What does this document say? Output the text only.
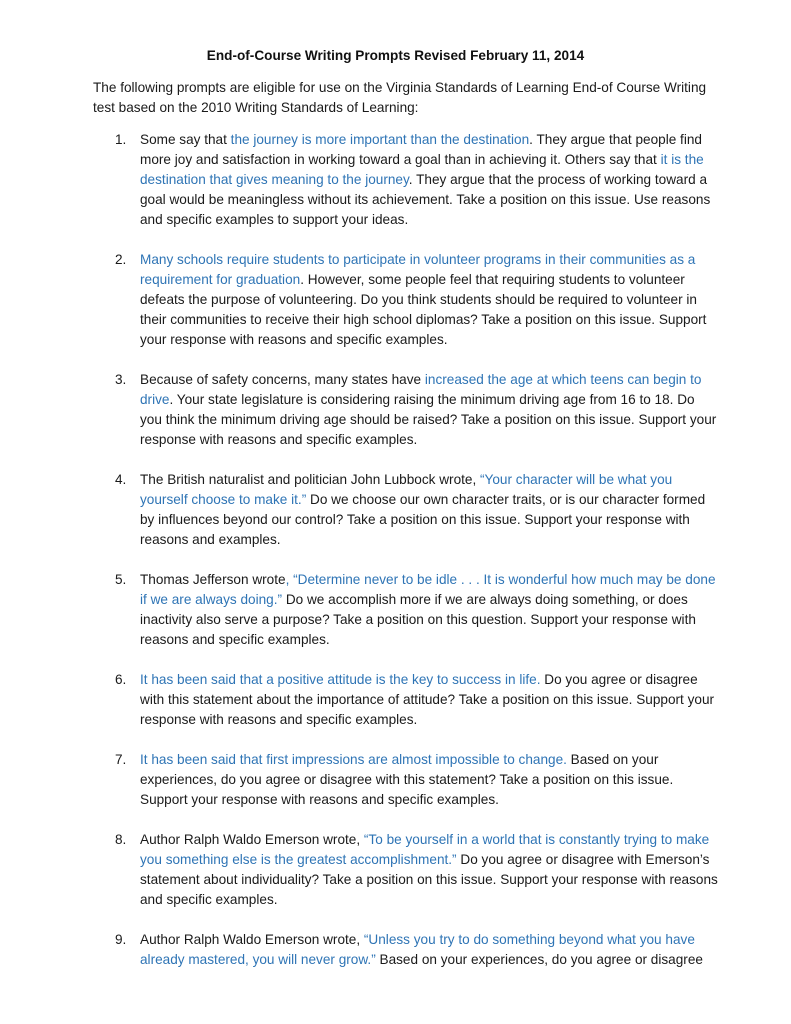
End-of-Course Writing Prompts Revised February 11, 2014
The following prompts are eligible for use on the Virginia Standards of Learning End-of Course Writing test based on the 2010 Writing Standards of Learning:
1.	Some say that the journey is more important than the destination. They argue that people find more joy and satisfaction in working toward a goal than in achieving it. Others say that it is the destination that gives meaning to the journey. They argue that the process of working toward a goal would be meaningless without its achievement. Take a position on this issue. Use reasons and specific examples to support your ideas.
2.	Many schools require students to participate in volunteer programs in their communities as a requirement for graduation. However, some people feel that requiring students to volunteer defeats the purpose of volunteering. Do you think students should be required to volunteer in their communities to receive their high school diplomas? Take a position on this issue. Support your response with reasons and specific examples.
3.	Because of safety concerns, many states have increased the age at which teens can begin to drive. Your state legislature is considering raising the minimum driving age from 16 to 18. Do you think the minimum driving age should be raised? Take a position on this issue. Support your response with reasons and specific examples.
4.	The British naturalist and politician John Lubbock wrote, “Your character will be what you yourself choose to make it.” Do we choose our own character traits, or is our character formed by influences beyond our control? Take a position on this issue. Support your response with reasons and examples.
5.	Thomas Jefferson wrote, “Determine never to be idle . . . It is wonderful how much may be done if we are always doing.” Do we accomplish more if we are always doing something, or does inactivity also serve a purpose? Take a position on this question. Support your response with reasons and specific examples.
6.	It has been said that a positive attitude is the key to success in life. Do you agree or disagree with this statement about the importance of attitude? Take a position on this issue. Support your response with reasons and specific examples.
7.	It has been said that first impressions are almost impossible to change. Based on your experiences, do you agree or disagree with this statement? Take a position on this issue. Support your response with reasons and specific examples.
8.	Author Ralph Waldo Emerson wrote, “To be yourself in a world that is constantly trying to make you something else is the greatest accomplishment.” Do you agree or disagree with Emerson’s statement about individuality? Take a position on this issue. Support your response with reasons and specific examples.
9.	Author Ralph Waldo Emerson wrote, “Unless you try to do something beyond what you have already mastered, you will never grow.” Based on your experiences, do you agree or disagree
